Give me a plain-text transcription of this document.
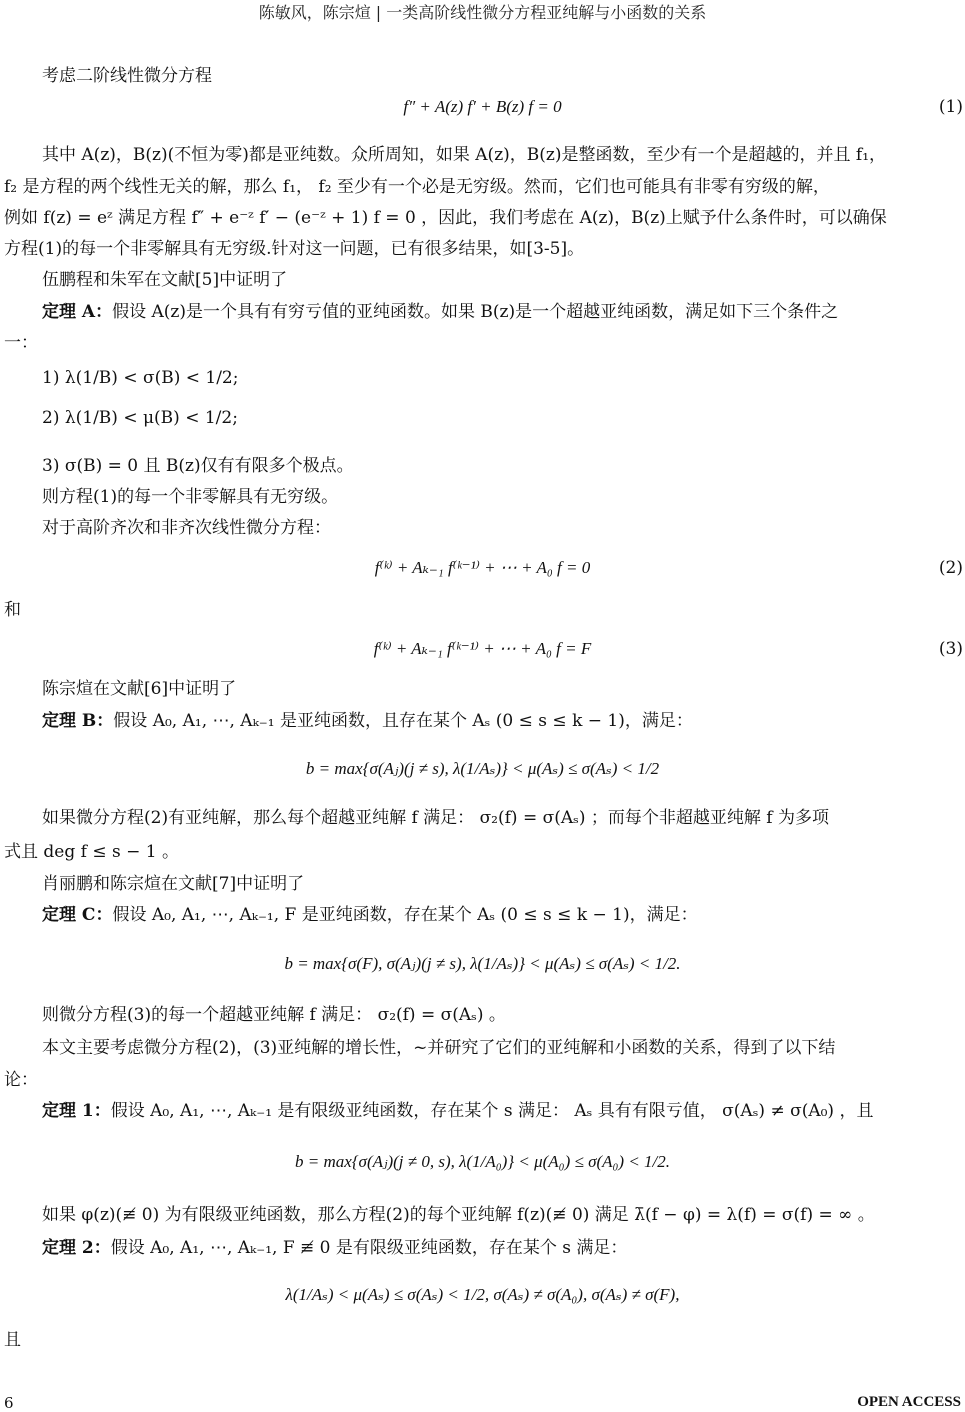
陈敏风，陈宗煊 | 一类高阶线性微分方程亚纯解与小函数的关系
考虑二阶线性微分方程
其中 A(z)，B(z)(不恒为零)都是亚纯数。众所周知，如果 A(z)，B(z)是整函数，至少有一个是超越的，并且 f₁，
f₂ 是方程的两个线性无关的解，那么 f₁， f₂ 至少有一个必是无穷级。然而，它们也可能具有非零有穷级的解，
例如 f(z) = eᶻ 满足方程 f″ + e⁻ᶻ f′ − (e⁻ᶻ + 1) f = 0 ，因此，我们考虑在 A(z)，B(z)上赋予什么条件时，可以确保
方程(1)的每一个非零解具有无穷级.针对这一问题，已有很多结果，如[3-5]。
伍鹏程和朱军在文献[5]中证明了
定理 A：假设 A(z)是一个具有有穷亏值的亚纯函数。如果 B(z)是一个超越亚纯函数，满足如下三个条件之
一：
1) λ(1/B) < σ(B) < 1/2;
2) λ(1/B) < μ(B) < 1/2;
3) σ(B) = 0 且 B(z)仅有有限多个极点。
则方程(1)的每一个非零解具有无穷级。
对于高阶齐次和非齐次线性微分方程：
和
陈宗煊在文献[6]中证明了
定理 B：假设 A₀, A₁, ⋯, Aₖ₋₁ 是亚纯函数，且存在某个 Aₛ (0 ≤ s ≤ k − 1)，满足：
如果微分方程(2)有亚纯解，那么每个超越亚纯解 f 满足： σ₂(f) = σ(Aₛ) ；而每个非超越亚纯解 f 为多项
式且 deg f ≤ s − 1 。
肖丽鹏和陈宗煊在文献[7]中证明了
定理 C：假设 A₀, A₁, ⋯, Aₖ₋₁, F 是亚纯函数，存在某个 Aₛ (0 ≤ s ≤ k − 1)，满足：
则微分方程(3)的每一个超越亚纯解 f 满足： σ₂(f) = σ(Aₛ) 。
本文主要考虑微分方程(2)，(3)亚纯解的增长性，~并研究了它们的亚纯解和小函数的关系，得到了以下结
论：
定理 1：假设 A₀, A₁, ⋯, Aₖ₋₁ 是有限级亚纯函数，存在某个 s 满足： Aₛ 具有有限亏值， σ(Aₛ) ≠ σ(A₀) ，且
如果 φ(z)(≢ 0) 为有限级亚纯函数，那么方程(2)的每个亚纯解 f(z)(≢ 0) 满足 λ̄(f − φ) = λ(f) = σ(f) = ∞ 。
定理 2：假设 A₀, A₁, ⋯, Aₖ₋₁, F ≢ 0 是有限级亚纯函数，存在某个 s 满足：
且
f″ + A(z) f′ + B(z) f = 0	(1)
f⁽ᵏ⁾ + Aₖ₋₁ f⁽ᵏ⁻¹⁾ + ⋯ + A₀ f = 0	(2)
f⁽ᵏ⁾ + Aₖ₋₁ f⁽ᵏ⁻¹⁾ + ⋯ + A₀ f = F	(3)
b = max{σ(Aⱼ)(j ≠ s), λ(1/Aₛ)} < μ(Aₛ) ≤ σ(Aₛ) < 1/2
b = max{σ(F), σ(Aⱼ)(j ≠ s), λ(1/Aₛ)} < μ(Aₛ) ≤ σ(Aₛ) < 1/2.
b = max{σ(Aⱼ)(j ≠ 0, s), λ(1/A₀)} < μ(A₀) ≤ σ(A₀) < 1/2.
λ(1/Aₛ) < μ(Aₛ) ≤ σ(Aₛ) < 1/2, σ(Aₛ) ≠ σ(A₀), σ(Aₛ) ≠ σ(F),
6	OPEN ACCESS
